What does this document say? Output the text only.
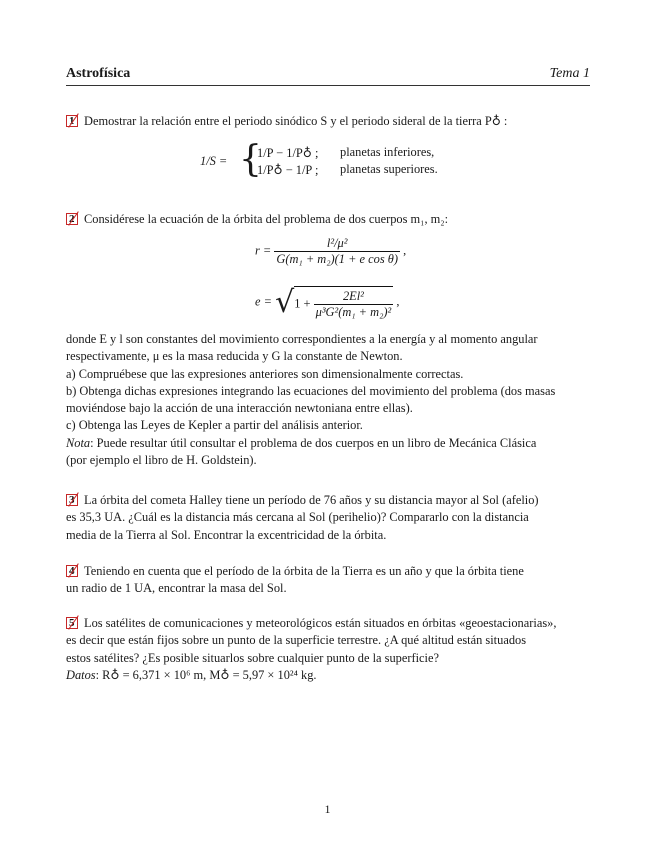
Astrofísica	Tema 1
1 Demostrar la relación entre el periodo sinódico S y el periodo sideral de la tierra P♁ :
1/S = {
1/P − 1/P♁ ; planetas inferiores,
1/P♁ − 1/P ; planetas superiores.
2 Considérese la ecuación de la órbita del problema de dos cuerpos m₁, m₂:
$r = \frac{\text{l²/μ²}}{\text{G(m₁ + m₂)(1 + e cos θ)}}$ ,
$e = √1 + \frac{\text{2El²}}{\text{μ³G²(m₁ + m₂)²}}$ ,
donde E y l son constantes del movimiento correspondientes a la energía y al momento angular
respectivamente, μ es la masa reducida y G la constante de Newton.
a) Compruébese que las expresiones anteriores son dimensionalmente correctas.
b) Obtenga dichas expresiones integrando las ecuaciones del movimiento del problema (dos masas
moviéndose bajo la acción de una interacción newtoniana entre ellas).
c) Obtenga las Leyes de Kepler a partir del análisis anterior.
Nota: Puede resultar útil consultar el problema de dos cuerpos en un libro de Mecánica Clásica
(por ejemplo el libro de H. Goldstein).
3 La órbita del cometa Halley tiene un período de 76 años y su distancia mayor al Sol (afelio)
es 35,3 UA. ¿Cuál es la distancia más cercana al Sol (perihelio)? Compararlo con la distancia
media de la Tierra al Sol. Encontrar la excentricidad de la órbita.
4 Teniendo en cuenta que el período de la órbita de la Tierra es un año y que la órbita tiene
un radio de 1 UA, encontrar la masa del Sol.
5 Los satélites de comunicaciones y meteorológicos están situados en órbitas «geoestacionarias»,
es decir que están fijos sobre un punto de la superficie terrestre. ¿A qué altitud están situados
estos satélites? ¿Es posible situarlos sobre cualquier punto de la superficie?
Datos: R♁ = 6,371 × 10⁶ m, M♁ = 5,97 × 10²⁴ kg.
1
